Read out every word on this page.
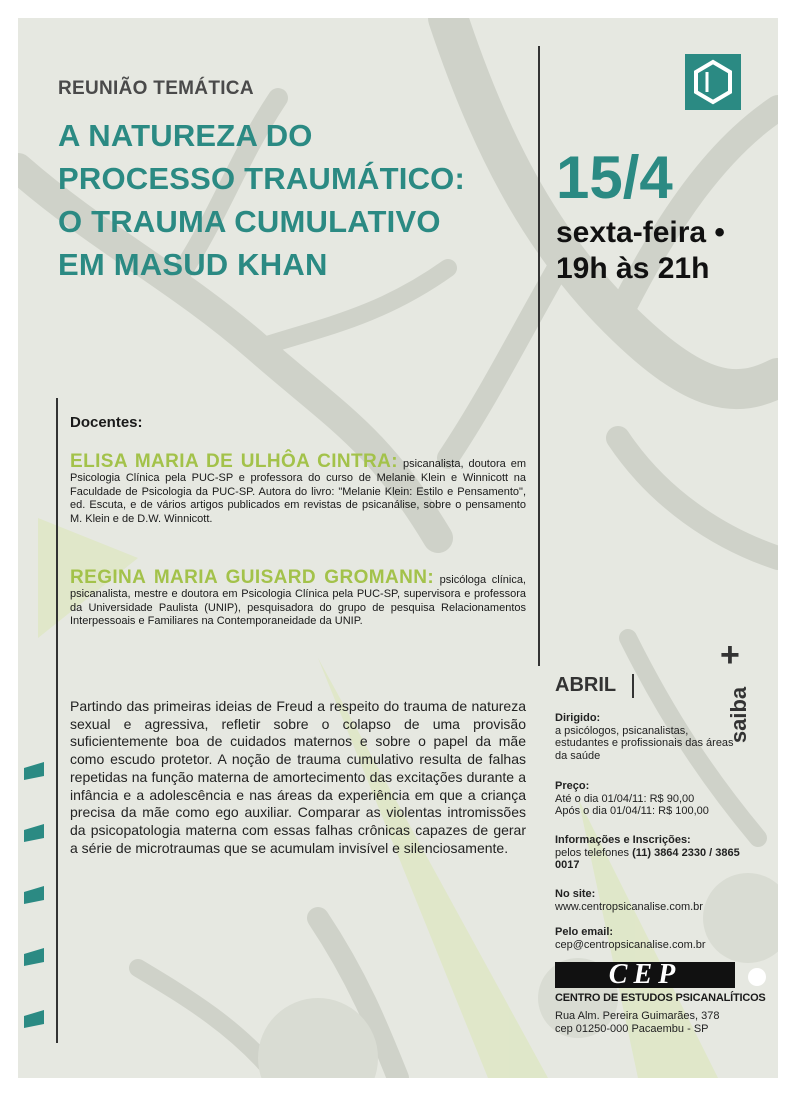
REUNIÃO TEMÁTICA
A NATUREZA DO
PROCESSO TRAUMÁTICO:
O TRAUMA CUMULATIVO
EM MASUD KHAN
15/4
sexta-feira •
19h às 21h
Docentes:
ELISA MARIA DE ULHÔA CINTRA: psicanalista, doutora em Psicologia Clínica pela PUC-SP e professora do curso de Melanie Klein e Winnicott na Faculdade de Psicologia da PUC-SP. Autora do livro: "Melanie Klein: Estilo e Pensamento", ed. Escuta, e de vários artigos publicados em revistas de psicanálise, sobre o pensamento M. Klein e de D.W. Winnicott.
REGINA MARIA GUISARD GROMANN: psicóloga clínica, psicanalista, mestre e doutora em Psicologia Clínica pela PUC-SP, supervisora e professora da Universidade Paulista (UNIP), pesquisadora do grupo de pesquisa Relacionamentos Interpessoais e Familiares na Contemporaneidade da UNIP.
Partindo das primeiras ideias de Freud a respeito do trauma de natureza sexual e agressiva, refletir sobre o colapso de uma provisão suficientemente boa de cuidados maternos e sobre o papel da mãe como escudo protetor. A noção de trauma cumulativo resulta de falhas repetidas na função materna de amortecimento das excitações durante a infância e a adolescência e nas áreas da experiência em que a criança precisa da mãe como ego auxiliar. Comparar as violentas intromissões da psicopatologia materna com essas falhas crônicas capazes de gerar a série de microtraumas que se acumulam invisível e silenciosamente.
+
saiba
ABRIL
Dirigido:
a psicólogos, psicanalistas, estudantes e profissionais das áreas da saúde
Preço:
Até o dia 01/04/11: R$ 90,00
Após o dia 01/04/11: R$ 100,00
Informações e Inscrições:
pelos telefones (11) 3864 2330 / 3865 0017
No site:
www.centropsicanalise.com.br
Pelo email:
cep@centropsicanalise.com.br
CEP
CENTRO DE ESTUDOS PSICANALÍTICOS
Rua Alm. Pereira Guimarães, 378
cep 01250-000 Pacaembu - SP
